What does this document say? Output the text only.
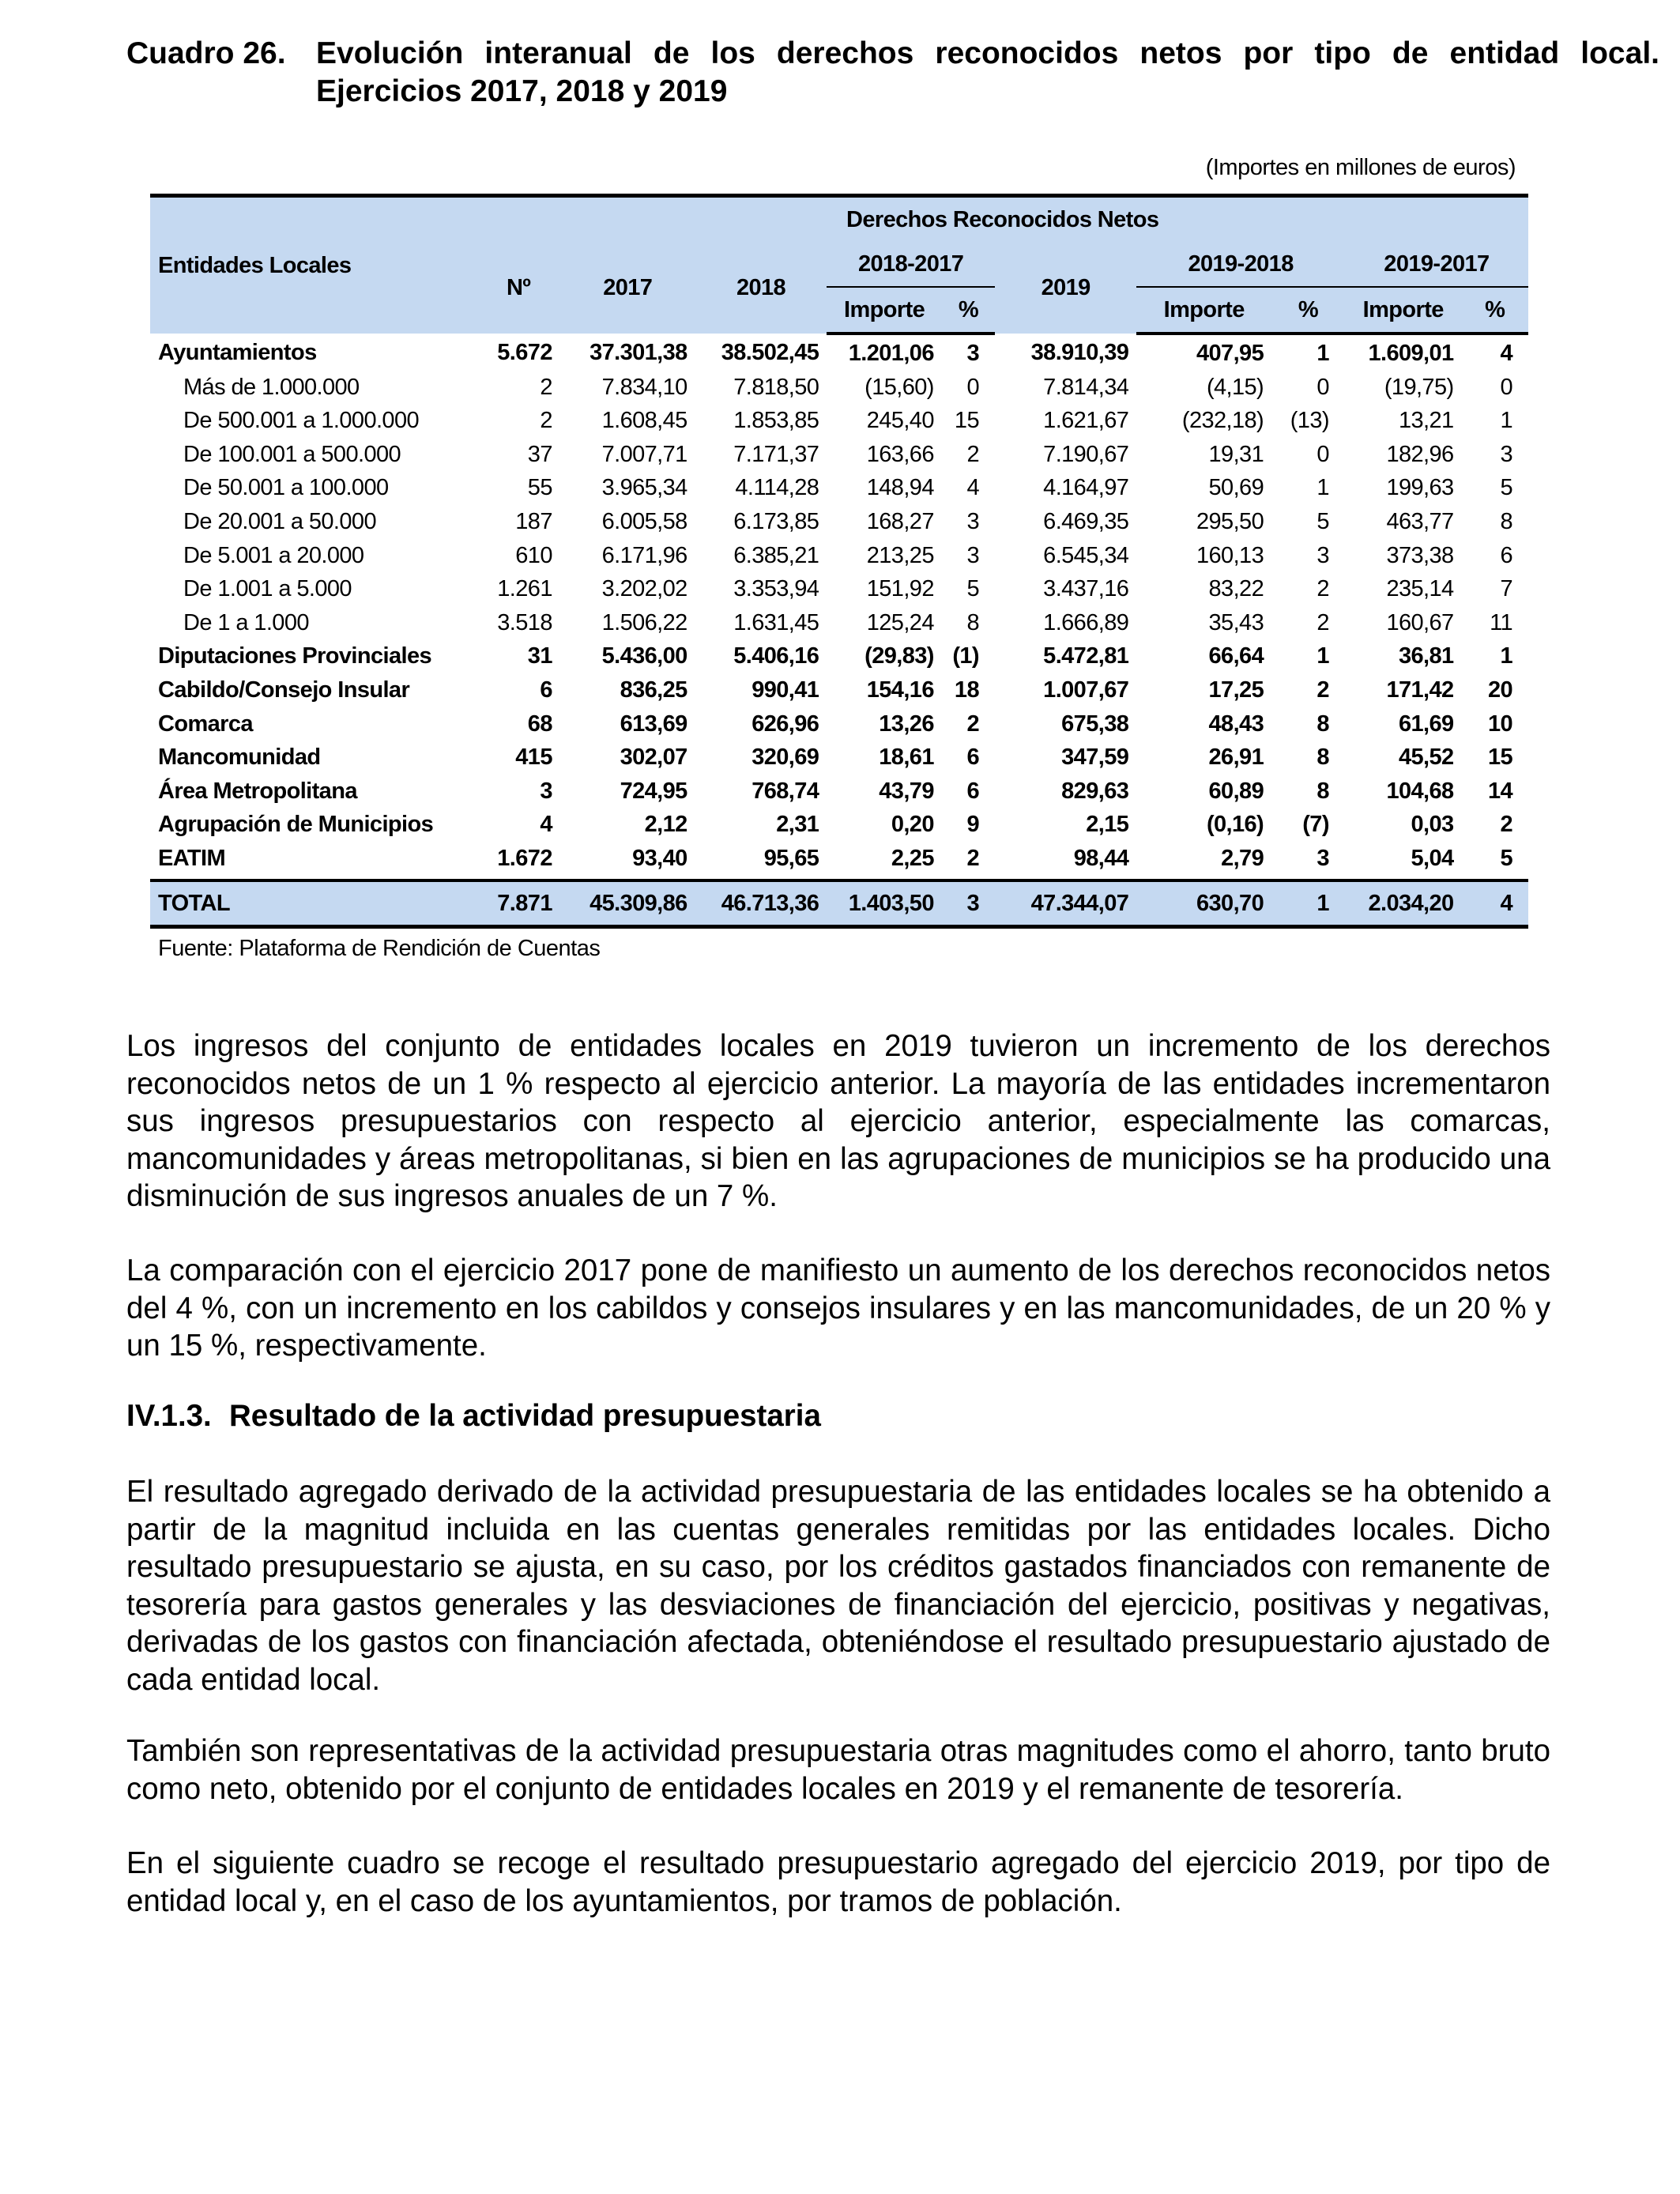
Cuadro 26. Evolución interanual de los derechos reconocidos netos por tipo de entidad local. Ejercicios 2017, 2018 y 2019
(Importes en millones de euros)
Entidades Locales	Derechos Reconocidos Netos									
	Nº	2017	2018	2018-2017		2019	2019-2018		2019-2017	
				Importe	%		Importe	%	Importe	%
Ayuntamientos	5.672	37.301,38	38.502,45	1.201,06	3	38.910,39	407,95	1	1.609,01	4
Más de 1.000.000	2	7.834,10	7.818,50	(15,60)	0	7.814,34	(4,15)	0	(19,75)	0
De 500.001 a 1.000.000	2	1.608,45	1.853,85	245,40	15	1.621,67	(232,18)	(13)	13,21	1
De 100.001 a 500.000	37	7.007,71	7.171,37	163,66	2	7.190,67	19,31	0	182,96	3
De 50.001 a 100.000	55	3.965,34	4.114,28	148,94	4	4.164,97	50,69	1	199,63	5
De 20.001 a 50.000	187	6.005,58	6.173,85	168,27	3	6.469,35	295,50	5	463,77	8
De 5.001 a 20.000	610	6.171,96	6.385,21	213,25	3	6.545,34	160,13	3	373,38	6
De 1.001 a 5.000	1.261	3.202,02	3.353,94	151,92	5	3.437,16	83,22	2	235,14	7
De 1 a 1.000	3.518	1.506,22	1.631,45	125,24	8	1.666,89	35,43	2	160,67	11
Diputaciones Provinciales	31	5.436,00	5.406,16	(29,83)	(1)	5.472,81	66,64	1	36,81	1
Cabildo/Consejo Insular	6	836,25	990,41	154,16	18	1.007,67	17,25	2	171,42	20
Comarca	68	613,69	626,96	13,26	2	675,38	48,43	8	61,69	10
Mancomunidad	415	302,07	320,69	18,61	6	347,59	26,91	8	45,52	15
Área Metropolitana	3	724,95	768,74	43,79	6	829,63	60,89	8	104,68	14
Agrupación de Municipios	4	2,12	2,31	0,20	9	2,15	(0,16)	(7)	0,03	2
EATIM	1.672	93,40	95,65	2,25	2	98,44	2,79	3	5,04	5
TOTAL	7.871	45.309,86	46.713,36	1.403,50	3	47.344,07	630,70	1	2.034,20	4
Fuente: Plataforma de Rendición de Cuentas
Los ingresos del conjunto de entidades locales en 2019 tuvieron un incremento de los derechos reconocidos netos de un 1 % respecto al ejercicio anterior. La mayoría de las entidades incrementaron sus ingresos presupuestarios con respecto al ejercicio anterior, especialmente las comarcas, mancomunidades y áreas metropolitanas, si bien en las agrupaciones de municipios se ha producido una disminución de sus ingresos anuales de un 7 %.
La comparación con el ejercicio 2017 pone de manifiesto un aumento de los derechos reconocidos netos del 4 %, con un incremento en los cabildos y consejos insulares y en las mancomunidades, de un 20 % y un 15 %, respectivamente.
IV.1.3. Resultado de la actividad presupuestaria
El resultado agregado derivado de la actividad presupuestaria de las entidades locales se ha obtenido a partir de la magnitud incluida en las cuentas generales remitidas por las entidades locales. Dicho resultado presupuestario se ajusta, en su caso, por los créditos gastados financiados con remanente de tesorería para gastos generales y las desviaciones de financiación del ejercicio, positivas y negativas, derivadas de los gastos con financiación afectada, obteniéndose el resultado presupuestario ajustado de cada entidad local.
También son representativas de la actividad presupuestaria otras magnitudes como el ahorro, tanto bruto como neto, obtenido por el conjunto de entidades locales en 2019 y el remanente de tesorería.
En el siguiente cuadro se recoge el resultado presupuestario agregado del ejercicio 2019, por tipo de entidad local y, en el caso de los ayuntamientos, por tramos de población.
